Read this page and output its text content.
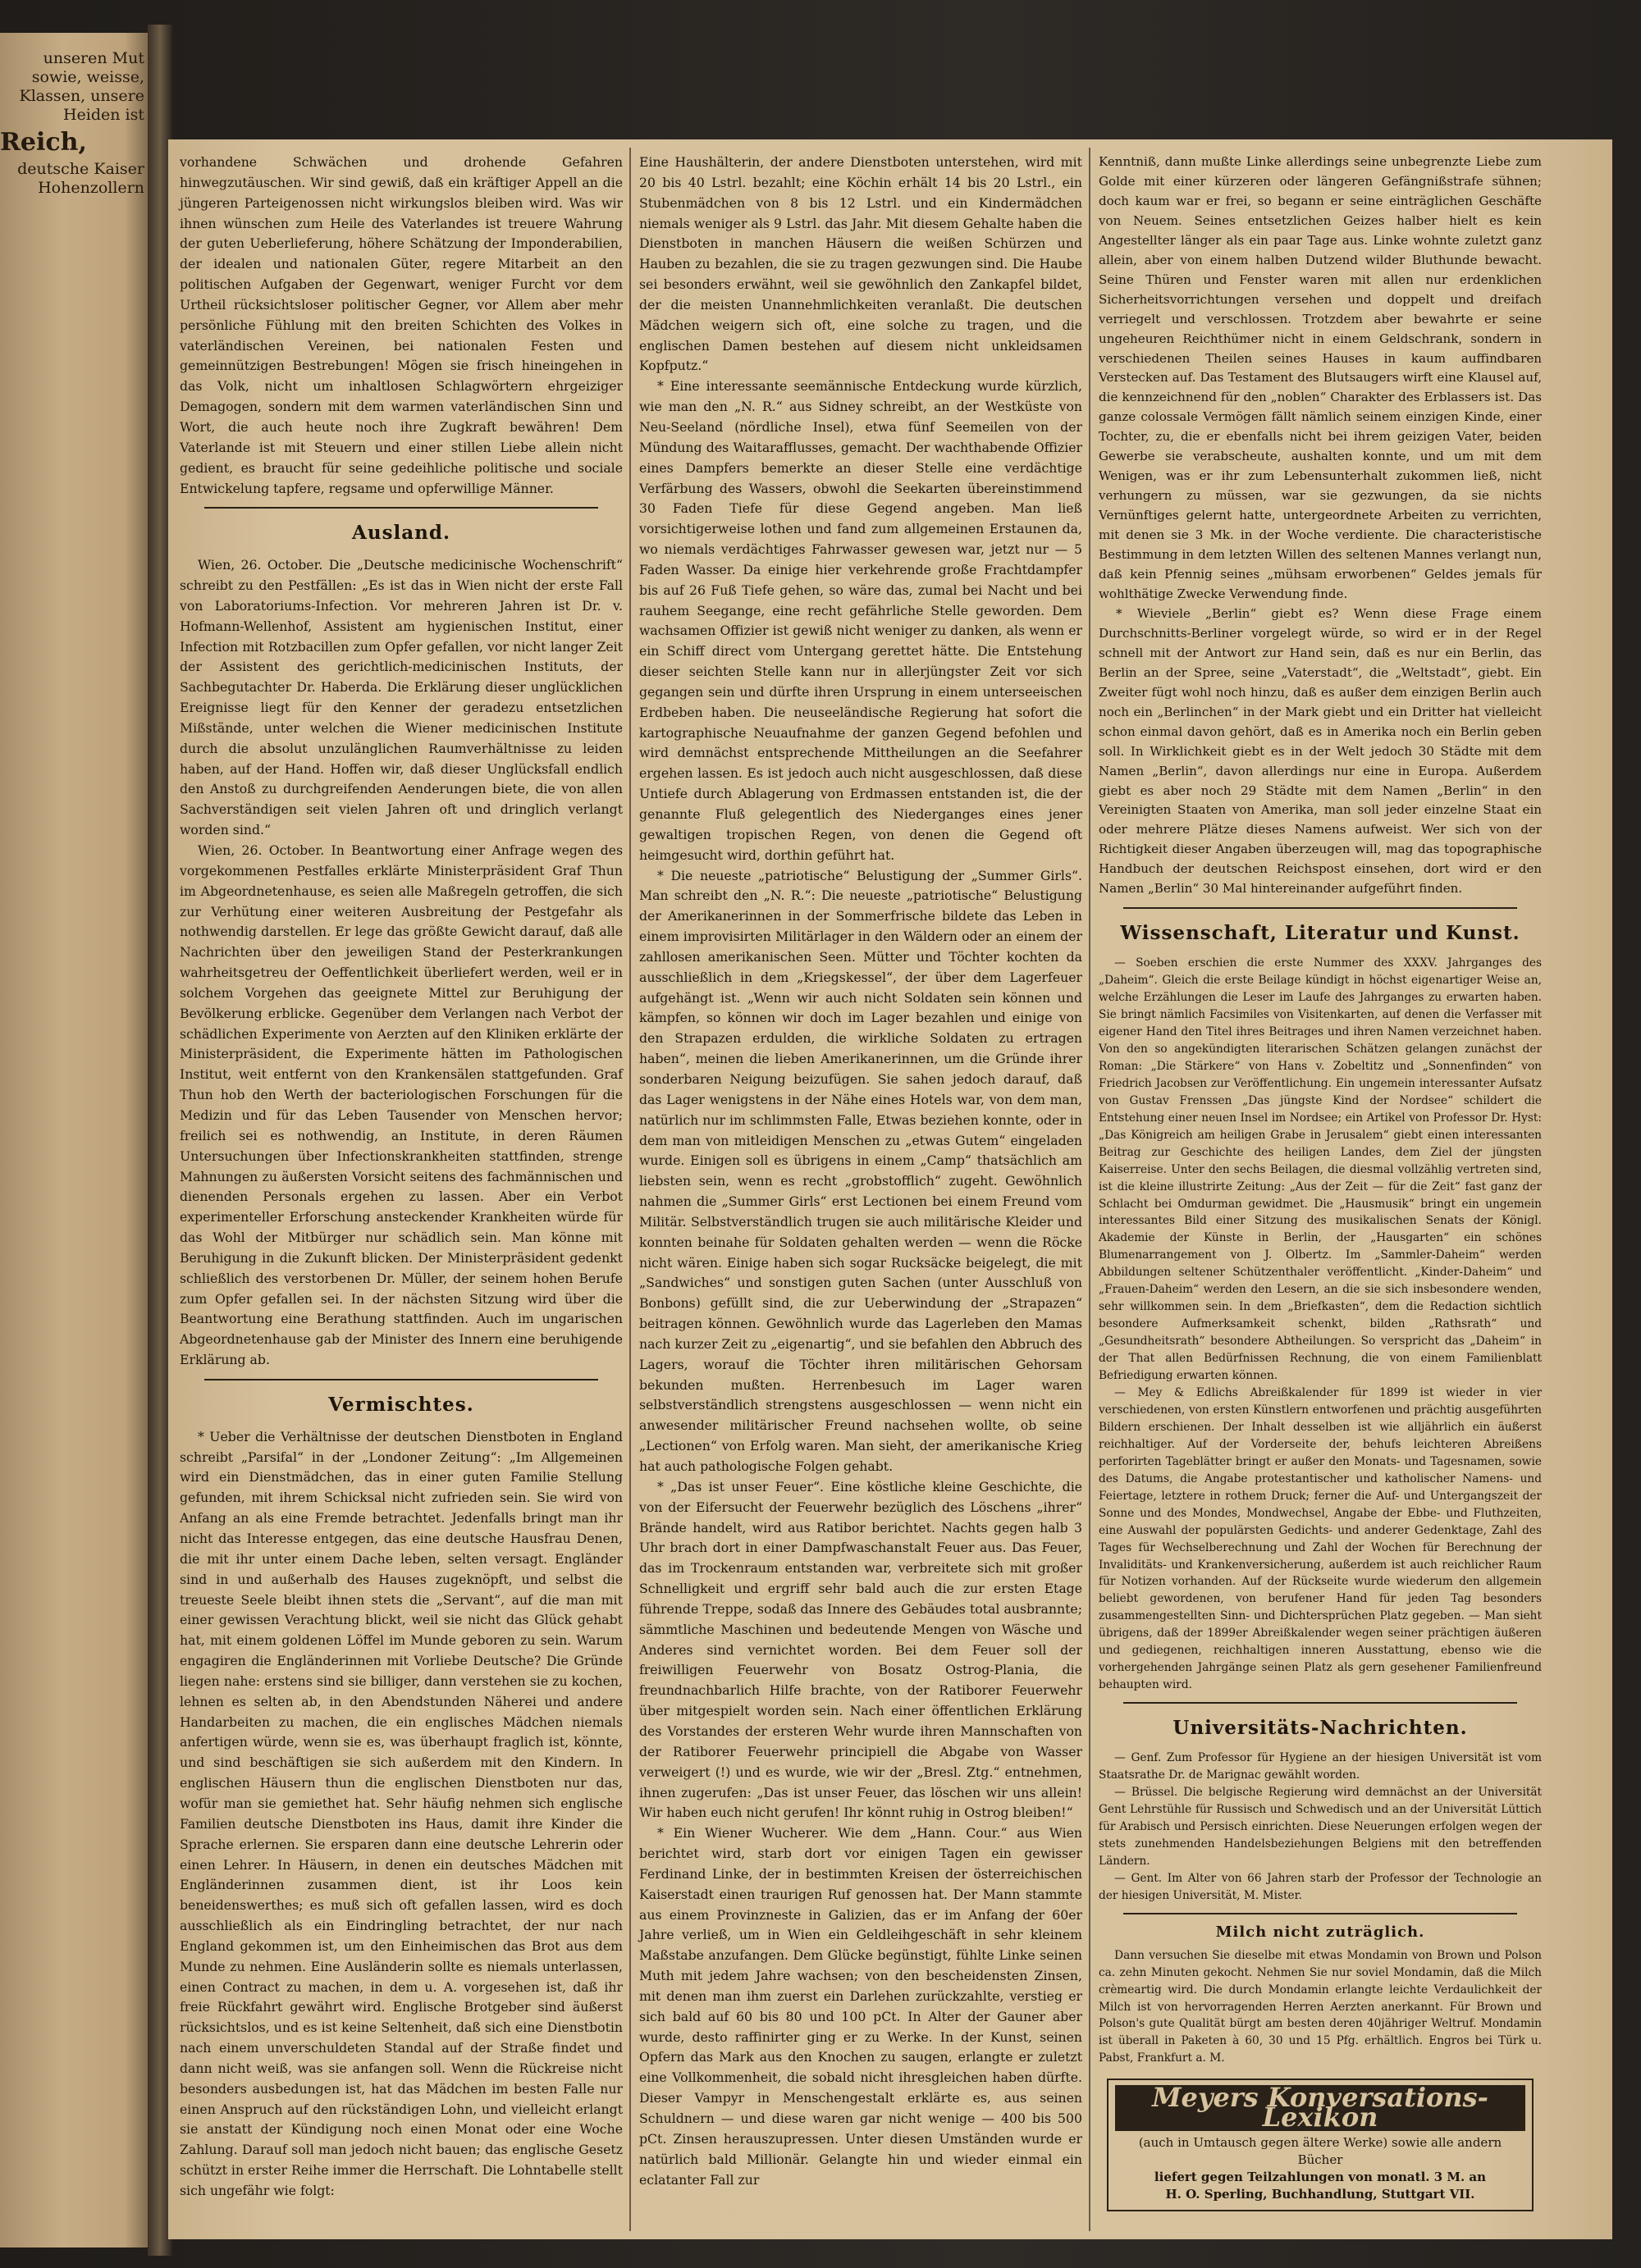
unseren Mut

sowie, weisse,

Klassen, unsere

Heiden ist

Reich,

deutsche Kaiser

Hohenzollern

vorhandene Schwächen und drohende Gefahren hinwegzutäuschen. Wir sind gewiß, daß ein kräftiger Appell an die jüngeren Parteigenossen nicht wirkungslos bleiben wird. Was wir ihnen wünschen zum Heile des Vaterlandes ist treuere Wahrung der guten Ueberlieferung, höhere Schätzung der Imponderabilien, der idealen und nationalen Güter, regere Mitarbeit an den politischen Aufgaben der Gegenwart, weniger Furcht vor dem Urtheil rücksichtsloser politischer Gegner, vor Allem aber mehr persönliche Fühlung mit den breiten Schichten des Volkes in vaterländischen Vereinen, bei nationalen Festen und gemeinnützigen Bestrebungen! Mögen sie frisch hineingehen in das Volk, nicht um inhaltlosen Schlagwörtern ehrgeiziger Demagogen, sondern mit dem warmen vaterländischen Sinn und Wort, die auch heute noch ihre Zugkraft bewähren! Dem Vaterlande ist mit Steuern und einer stillen Liebe allein nicht gedient, es braucht für seine gedeihliche politische und sociale Entwickelung tapfere, regsame und opferwillige Männer.

Ausland.

Wien, 26. October. Die „Deutsche medicinische Wochenschrift“ schreibt zu den Pestfällen: „Es ist das in Wien nicht der erste Fall von Laboratoriums-Infection. Vor mehreren Jahren ist Dr. v. Hofmann-Wellenhof, Assistent am hygienischen Institut, einer Infection mit Rotzbacillen zum Opfer gefallen, vor nicht langer Zeit der Assistent des gerichtlich-medicinischen Instituts, der Sachbegutachter Dr. Haberda. Die Erklärung dieser unglücklichen Ereignisse liegt für den Kenner der geradezu entsetzlichen Mißstände, unter welchen die Wiener medicinischen Institute durch die absolut unzulänglichen Raumverhältnisse zu leiden haben, auf der Hand. Hoffen wir, daß dieser Unglücksfall endlich den Anstoß zu durchgreifenden Aenderungen biete, die von allen Sachverständigen seit vielen Jahren oft und dringlich verlangt worden sind.“

Wien, 26. October. In Beantwortung einer Anfrage wegen des vorgekommenen Pestfalles erklärte Ministerpräsident Graf Thun im Abgeordnetenhause, es seien alle Maßregeln getroffen, die sich zur Verhütung einer weiteren Ausbreitung der Pestgefahr als nothwendig darstellen. Er lege das größte Gewicht darauf, daß alle Nachrichten über den jeweiligen Stand der Pesterkrankungen wahrheitsgetreu der Oeffentlichkeit überliefert werden, weil er in solchem Vorgehen das geeignete Mittel zur Beruhigung der Bevölkerung erblicke. Gegenüber dem Verlangen nach Verbot der schädlichen Experimente von Aerzten auf den Kliniken erklärte der Ministerpräsident, die Experimente hätten im Pathologischen Institut, weit entfernt von den Krankensälen stattgefunden. Graf Thun hob den Werth der bacteriologischen Forschungen für die Medizin und für das Leben Tausender von Menschen hervor; freilich sei es nothwendig, an Institute, in deren Räumen Untersuchungen über Infectionskrankheiten stattfinden, strenge Mahnungen zu äußersten Vorsicht seitens des fachmännischen und dienenden Personals ergehen zu lassen. Aber ein Verbot experimenteller Erforschung ansteckender Krankheiten würde für das Wohl der Mitbürger nur schädlich sein. Man könne mit Beruhigung in die Zukunft blicken. Der Ministerpräsident gedenkt schließlich des verstorbenen Dr. Müller, der seinem hohen Berufe zum Opfer gefallen sei. In der nächsten Sitzung wird über die Beantwortung eine Berathung stattfinden. Auch im ungarischen Abgeordnetenhause gab der Minister des Innern eine beruhigende Erklärung ab.

Vermischtes.

* Ueber die Verhältnisse der deutschen Dienstboten in England schreibt „Parsifal“ in der „Londoner Zeitung“: „Im Allgemeinen wird ein Dienstmädchen, das in einer guten Familie Stellung gefunden, mit ihrem Schicksal nicht zufrieden sein. Sie wird von Anfang an als eine Fremde betrachtet. Jedenfalls bringt man ihr nicht das Interesse entgegen, das eine deutsche Hausfrau Denen, die mit ihr unter einem Dache leben, selten versagt. Engländer sind in und außerhalb des Hauses zugeknöpft, und selbst die treueste Seele bleibt ihnen stets die „Servant“, auf die man mit einer gewissen Verachtung blickt, weil sie nicht das Glück gehabt hat, mit einem goldenen Löffel im Munde geboren zu sein. Warum engagiren die Engländerinnen mit Vorliebe Deutsche? Die Gründe liegen nahe: erstens sind sie billiger, dann verstehen sie zu kochen, lehnen es selten ab, in den Abendstunden Näherei und andere Handarbeiten zu machen, die ein englisches Mädchen niemals anfertigen würde, wenn sie es, was überhaupt fraglich ist, könnte, und sind beschäftigen sie sich außerdem mit den Kindern. In englischen Häusern thun die englischen Dienstboten nur das, wofür man sie gemiethet hat. Sehr häufig nehmen sich englische Familien deutsche Dienstboten ins Haus, damit ihre Kinder die Sprache erlernen. Sie ersparen dann eine deutsche Lehrerin oder einen Lehrer. In Häusern, in denen ein deutsches Mädchen mit Engländerinnen zusammen dient, ist ihr Loos kein beneidenswerthes; es muß sich oft gefallen lassen, wird es doch ausschließlich als ein Eindringling betrachtet, der nur nach England gekommen ist, um den Einheimischen das Brot aus dem Munde zu nehmen. Eine Ausländerin sollte es niemals unterlassen, einen Contract zu machen, in dem u. A. vorgesehen ist, daß ihr freie Rückfahrt gewährt wird. Englische Brotgeber sind äußerst rücksichtslos, und es ist keine Seltenheit, daß sich eine Dienstbotin nach einem unverschuldeten Standal auf der Straße findet und dann nicht weiß, was sie anfangen soll. Wenn die Rückreise nicht besonders ausbedungen ist, hat das Mädchen im besten Falle nur einen Anspruch auf den rückständigen Lohn, und vielleicht erlangt sie anstatt der Kündigung noch einen Monat oder eine Woche Zahlung. Darauf soll man jedoch nicht bauen; das englische Gesetz schützt in erster Reihe immer die Herrschaft. Die Lohntabelle stellt sich ungefähr wie folgt:

Eine Haushälterin, der andere Dienstboten unterstehen, wird mit 20 bis 40 Lstrl. bezahlt; eine Köchin erhält 14 bis 20 Lstrl., ein Stubenmädchen von 8 bis 12 Lstrl. und ein Kindermädchen niemals weniger als 9 Lstrl. das Jahr. Mit diesem Gehalte haben die Dienstboten in manchen Häusern die weißen Schürzen und Hauben zu bezahlen, die sie zu tragen gezwungen sind. Die Haube sei besonders erwähnt, weil sie gewöhnlich den Zankapfel bildet, der die meisten Unannehmlichkeiten veranlaßt. Die deutschen Mädchen weigern sich oft, eine solche zu tragen, und die englischen Damen bestehen auf diesem nicht unkleidsamen Kopfputz.“

* Eine interessante seemännische Entdeckung wurde kürzlich, wie man den „N. R.“ aus Sidney schreibt, an der Westküste von Neu-Seeland (nördliche Insel), etwa fünf Seemeilen von der Mündung des Waitarafflusses, gemacht. Der wachthabende Offizier eines Dampfers bemerkte an dieser Stelle eine verdächtige Verfärbung des Wassers, obwohl die Seekarten übereinstimmend 30 Faden Tiefe für diese Gegend angeben. Man ließ vorsichtigerweise lothen und fand zum allgemeinen Erstaunen da, wo niemals verdächtiges Fahrwasser gewesen war, jetzt nur — 5 Faden Wasser. Da einige hier verkehrende große Frachtdampfer bis auf 26 Fuß Tiefe gehen, so wäre das, zumal bei Nacht und bei rauhem Seegange, eine recht gefährliche Stelle geworden. Dem wachsamen Offizier ist gewiß nicht weniger zu danken, als wenn er ein Schiff direct vom Untergang gerettet hätte. Die Entstehung dieser seichten Stelle kann nur in allerjüngster Zeit vor sich gegangen sein und dürfte ihren Ursprung in einem unterseeischen Erdbeben haben. Die neuseeländische Regierung hat sofort die kartographische Neuaufnahme der ganzen Gegend befohlen und wird demnächst entsprechende Mittheilungen an die Seefahrer ergehen lassen. Es ist jedoch auch nicht ausgeschlossen, daß diese Untiefe durch Ablagerung von Erdmassen entstanden ist, die der genannte Fluß gelegentlich des Niederganges eines jener gewaltigen tropischen Regen, von denen die Gegend oft heimgesucht wird, dorthin geführt hat.

* Die neueste „patriotische“ Belustigung der „Summer Girls“. Man schreibt den „N. R.“: Die neueste „patriotische“ Belustigung der Amerikanerinnen in der Sommerfrische bildete das Leben in einem improvisirten Militärlager in den Wäldern oder an einem der zahllosen amerikanischen Seen. Mütter und Töchter kochten da ausschließlich in dem „Kriegskessel“, der über dem Lagerfeuer aufgehängt ist. „Wenn wir auch nicht Soldaten sein können und kämpfen, so können wir doch im Lager bezahlen und einige von den Strapazen erdulden, die wirkliche Soldaten zu ertragen haben“, meinen die lieben Amerikanerinnen, um die Gründe ihrer sonderbaren Neigung beizufügen. Sie sahen jedoch darauf, daß das Lager wenigstens in der Nähe eines Hotels war, von dem man, natürlich nur im schlimmsten Falle, Etwas beziehen konnte, oder in dem man von mitleidigen Menschen zu „etwas Gutem“ eingeladen wurde. Einigen soll es übrigens in einem „Camp“ thatsächlich am liebsten sein, wenn es recht „grobstofflich“ zugeht. Gewöhnlich nahmen die „Summer Girls“ erst Lectionen bei einem Freund vom Militär. Selbstverständlich trugen sie auch militärische Kleider und konnten beinahe für Soldaten gehalten werden — wenn die Röcke nicht wären. Einige haben sich sogar Rucksäcke beigelegt, die mit „Sandwiches“ und sonstigen guten Sachen (unter Ausschluß von Bonbons) gefüllt sind, die zur Ueberwindung der „Strapazen“ beitragen können. Gewöhnlich wurde das Lagerleben den Mamas nach kurzer Zeit zu „eigenartig“, und sie befahlen den Abbruch des Lagers, worauf die Töchter ihren militärischen Gehorsam bekunden mußten. Herrenbesuch im Lager waren selbstverständlich strengstens ausgeschlossen — wenn nicht ein anwesender militärischer Freund nachsehen wollte, ob seine „Lectionen“ von Erfolg waren. Man sieht, der amerikanische Krieg hat auch pathologische Folgen gehabt.

* „Das ist unser Feuer“. Eine köstliche kleine Geschichte, die von der Eifersucht der Feuerwehr bezüglich des Löschens „ihrer“ Brände handelt, wird aus Ratibor berichtet. Nachts gegen halb 3 Uhr brach dort in einer Dampfwaschanstalt Feuer aus. Das Feuer, das im Trockenraum entstanden war, verbreitete sich mit großer Schnelligkeit und ergriff sehr bald auch die zur ersten Etage führende Treppe, sodaß das Innere des Gebäudes total ausbrannte; sämmtliche Maschinen und bedeutende Mengen von Wäsche und Anderes sind vernichtet worden. Bei dem Feuer soll der freiwilligen Feuerwehr von Bosatz Ostrog-Plania, die freundnachbarlich Hilfe brachte, von der Ratiborer Feuerwehr über mitgespielt worden sein. Nach einer öffentlichen Erklärung des Vorstandes der ersteren Wehr wurde ihren Mannschaften von der Ratiborer Feuerwehr principiell die Abgabe von Wasser verweigert (!) und es wurde, wie wir der „Bresl. Ztg.“ entnehmen, ihnen zugerufen: „Das ist unser Feuer, das löschen wir uns allein! Wir haben euch nicht gerufen! Ihr könnt ruhig in Ostrog bleiben!“

* Ein Wiener Wucherer. Wie dem „Hann. Cour.“ aus Wien berichtet wird, starb dort vor einigen Tagen ein gewisser Ferdinand Linke, der in bestimmten Kreisen der österreichischen Kaiserstadt einen traurigen Ruf genossen hat. Der Mann stammte aus einem Provinzneste in Galizien, das er im Anfang der 60er Jahre verließ, um in Wien ein Geldleihgeschäft in sehr kleinem Maßstabe anzufangen. Dem Glücke begünstigt, fühlte Linke seinen Muth mit jedem Jahre wachsen; von den bescheidensten Zinsen, mit denen man ihm zuerst ein Darlehen zurückzahlte, verstieg er sich bald auf 60 bis 80 und 100 pCt. In Alter der Gauner aber wurde, desto raffinirter ging er zu Werke. In der Kunst, seinen Opfern das Mark aus den Knochen zu saugen, erlangte er zuletzt eine Vollkommenheit, die sobald nicht ihresgleichen haben dürfte. Dieser Vampyr in Menschengestalt erklärte es, aus seinen Schuldnern — und diese waren gar nicht wenige — 400 bis 500 pCt. Zinsen herauszupressen. Unter diesen Umständen wurde er natürlich bald Millionär. Gelangte hin und wieder einmal ein eclatanter Fall zur

Kenntniß, dann mußte Linke allerdings seine unbegrenzte Liebe zum Golde mit einer kürzeren oder längeren Gefängnißstrafe sühnen; doch kaum war er frei, so begann er seine einträglichen Geschäfte von Neuem. Seines entsetzlichen Geizes halber hielt es kein Angestellter länger als ein paar Tage aus. Linke wohnte zuletzt ganz allein, aber von einem halben Dutzend wilder Bluthunde bewacht. Seine Thüren und Fenster waren mit allen nur erdenklichen Sicherheitsvorrichtungen versehen und doppelt und dreifach verriegelt und verschlossen. Trotzdem aber bewahrte er seine ungeheuren Reichthümer nicht in einem Geldschrank, sondern in verschiedenen Theilen seines Hauses in kaum auffindbaren Verstecken auf. Das Testament des Blutsaugers wirft eine Klausel auf, die kennzeichnend für den „noblen“ Charakter des Erblassers ist. Das ganze colossale Vermögen fällt nämlich seinem einzigen Kinde, einer Tochter, zu, die er ebenfalls nicht bei ihrem geizigen Vater, beiden Gewerbe sie verabscheute, aushalten konnte, und um mit dem Wenigen, was er ihr zum Lebensunterhalt zukommen ließ, nicht verhungern zu müssen, war sie gezwungen, da sie nichts Vernünftiges gelernt hatte, untergeordnete Arbeiten zu verrichten, mit denen sie 3 Mk. in der Woche verdiente. Die characteristische Bestimmung in dem letzten Willen des seltenen Mannes verlangt nun, daß kein Pfennig seines „mühsam erworbenen“ Geldes jemals für wohlthätige Zwecke Verwendung finde.

* Wieviele „Berlin“ giebt es? Wenn diese Frage einem Durchschnitts-Berliner vorgelegt würde, so wird er in der Regel schnell mit der Antwort zur Hand sein, daß es nur ein Berlin, das Berlin an der Spree, seine „Vaterstadt“, die „Weltstadt“, giebt. Ein Zweiter fügt wohl noch hinzu, daß es außer dem einzigen Berlin auch noch ein „Berlinchen“ in der Mark giebt und ein Dritter hat vielleicht schon einmal davon gehört, daß es in Amerika noch ein Berlin geben soll. In Wirklichkeit giebt es in der Welt jedoch 30 Städte mit dem Namen „Berlin“, davon allerdings nur eine in Europa. Außerdem giebt es aber noch 29 Städte mit dem Namen „Berlin“ in den Vereinigten Staaten von Amerika, man soll jeder einzelne Staat ein oder mehrere Plätze dieses Namens aufweist. Wer sich von der Richtigkeit dieser Angaben überzeugen will, mag das topographische Handbuch der deutschen Reichspost einsehen, dort wird er den Namen „Berlin“ 30 Mal hintereinander aufgeführt finden.

Wissenschaft, Literatur und Kunst.

— Soeben erschien die erste Nummer des XXXV. Jahrganges des „Daheim“. Gleich die erste Beilage kündigt in höchst eigenartiger Weise an, welche Erzählungen die Leser im Laufe des Jahrganges zu erwarten haben. Sie bringt nämlich Facsimiles von Visitenkarten, auf denen die Verfasser mit eigener Hand den Titel ihres Beitrages und ihren Namen verzeichnet haben. Von den so angekündigten literarischen Schätzen gelangen zunächst der Roman: „Die Stärkere“ von Hans v. Zobeltitz und „Sonnenfinden“ von Friedrich Jacobsen zur Veröffentlichung. Ein ungemein interessanter Aufsatz von Gustav Frenssen „Das jüngste Kind der Nordsee“ schildert die Entstehung einer neuen Insel im Nordsee; ein Artikel von Professor Dr. Hyst: „Das Königreich am heiligen Grabe in Jerusalem“ giebt einen interessanten Beitrag zur Geschichte des heiligen Landes, dem Ziel der jüngsten Kaiserreise. Unter den sechs Beilagen, die diesmal vollzählig vertreten sind, ist die kleine illustrirte Zeitung: „Aus der Zeit — für die Zeit“ fast ganz der Schlacht bei Omdurman gewidmet. Die „Hausmusik“ bringt ein ungemein interessantes Bild einer Sitzung des musikalischen Senats der Königl. Akademie der Künste in Berlin, der „Hausgarten“ ein schönes Blumenarrangement von J. Olbertz. Im „Sammler-Daheim“ werden Abbildungen seltener Schützenthaler veröffentlicht. „Kinder-Daheim“ und „Frauen-Daheim“ werden den Lesern, an die sie sich insbesondere wenden, sehr willkommen sein. In dem „Briefkasten“, dem die Redaction sichtlich besondere Aufmerksamkeit schenkt, bilden „Rathsrath“ und „Gesundheitsrath“ besondere Abtheilungen. So verspricht das „Daheim“ in der That allen Bedürfnissen Rechnung, die von einem Familienblatt Befriedigung erwarten können.

— Mey & Edlichs Abreißkalender für 1899 ist wieder in vier verschiedenen, von ersten Künstlern entworfenen und prächtig ausgeführten Bildern erschienen. Der Inhalt desselben ist wie alljährlich ein äußerst reichhaltiger. Auf der Vorderseite der, behufs leichteren Abreißens perforirten Tageblätter bringt er außer den Monats- und Tagesnamen, sowie des Datums, die Angabe protestantischer und katholischer Namens- und Feiertage, letztere in rothem Druck; ferner die Auf- und Untergangszeit der Sonne und des Mondes, Mondwechsel, Angabe der Ebbe- und Fluthzeiten, eine Auswahl der populärsten Gedichts- und anderer Gedenktage, Zahl des Tages für Wechselberechnung und Zahl der Wochen für Berechnung der Invaliditäts- und Krankenversicherung, außerdem ist auch reichlicher Raum für Notizen vorhanden. Auf der Rückseite wurde wiederum den allgemein beliebt gewordenen, von berufener Hand für jeden Tag besonders zusammengestellten Sinn- und Dichtersprüchen Platz gegeben. — Man sieht übrigens, daß der 1899er Abreißkalender wegen seiner prächtigen äußeren und gediegenen, reichhaltigen inneren Ausstattung, ebenso wie die vorhergehenden Jahrgänge seinen Platz als gern gesehener Familienfreund behaupten wird.

Universitäts-Nachrichten.

— Genf. Zum Professor für Hygiene an der hiesigen Universität ist vom Staatsrathe Dr. de Marignac gewählt worden.

— Brüssel. Die belgische Regierung wird demnächst an der Universität Gent Lehrstühle für Russisch und Schwedisch und an der Universität Lüttich für Arabisch und Persisch einrichten. Diese Neuerungen erfolgen wegen der stets zunehmenden Handelsbeziehungen Belgiens mit den betreffenden Ländern.

— Gent. Im Alter von 66 Jahren starb der Professor der Technologie an der hiesigen Universität, M. Mister.

Milch nicht zuträglich.

Dann versuchen Sie dieselbe mit etwas Mondamin von Brown und Polson ca. zehn Minuten gekocht. Nehmen Sie nur soviel Mondamin, daß die Milch crèmeartig wird. Die durch Mondamin erlangte leichte Verdaulichkeit der Milch ist von hervorragenden Herren Aerzten anerkannt. Für Brown und Polson's gute Qualität bürgt am besten deren 40jähriger Weltruf. Mondamin ist überall in Paketen à 60, 30 und 15 Pfg. erhältlich. Engros bei Türk u. Pabst, Frankfurt a. M.

Meyers Konversations-Lexikon
(auch in Umtausch gegen ältere Werke) sowie alle andern Bücher
liefert gegen Teilzahlungen von monatl. 3 M. an
H. O. Sperling, Buchhandlung, Stuttgart VII.
